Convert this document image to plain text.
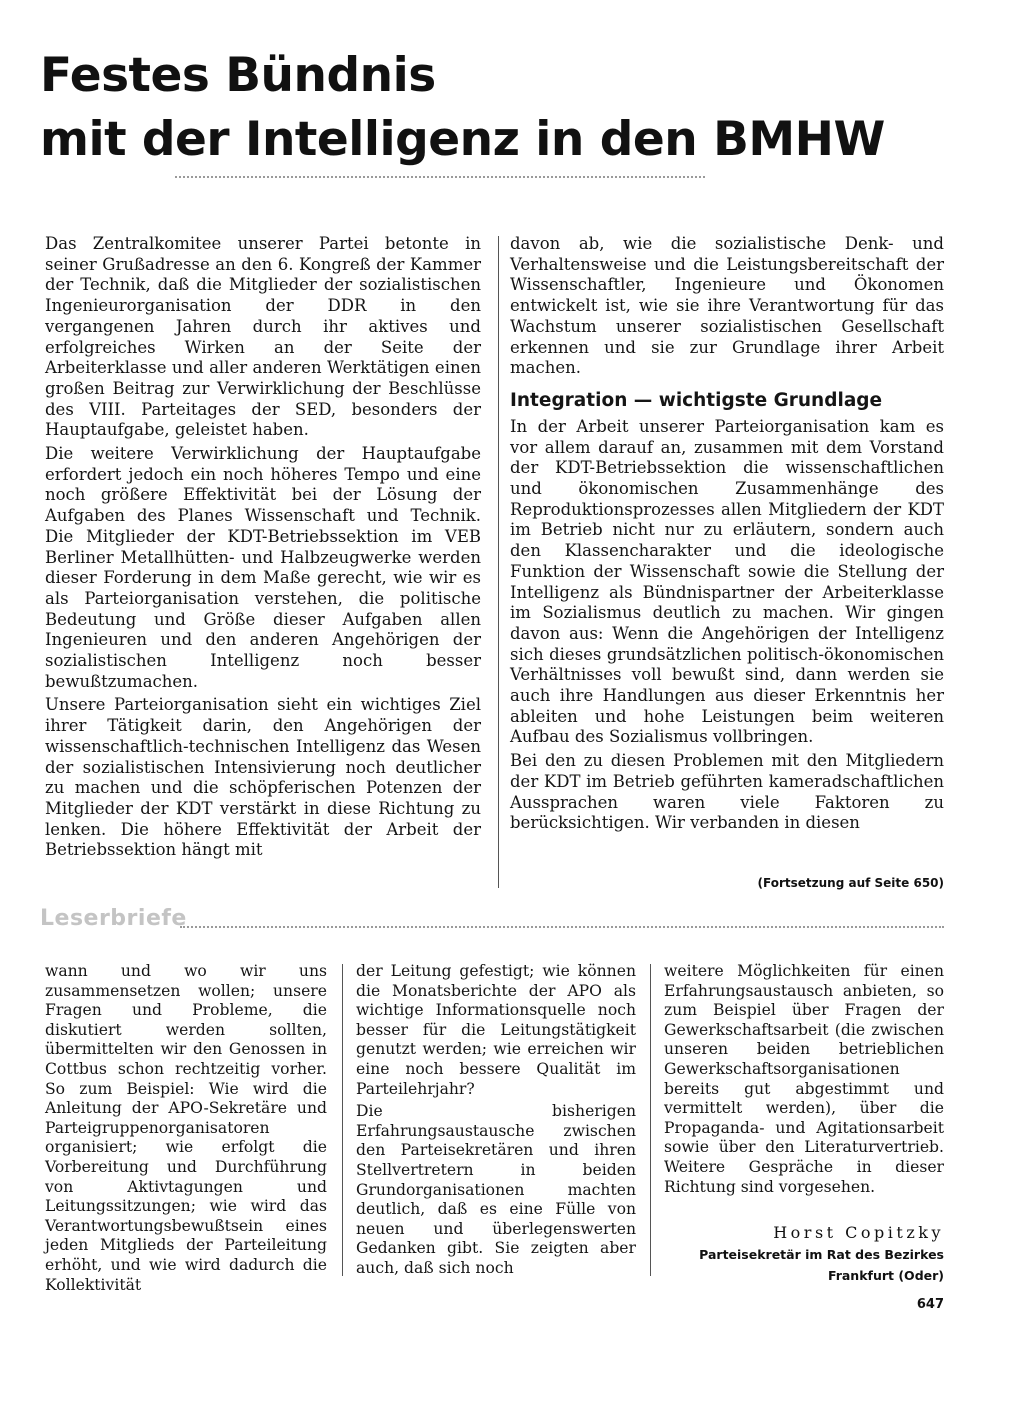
Festes Bündnis
mit der Intelligenz in den BMHW

Das Zentralkomitee unserer Partei betonte in seiner Grußadresse an den 6. Kongreß der Kammer der Technik, daß die Mitglieder der sozialistischen Ingenieurorganisation der DDR in den vergangenen Jahren durch ihr aktives und erfolgreiches Wirken an der Seite der Arbeiterklasse und aller anderen Werktätigen einen großen Beitrag zur Verwirklichung der Beschlüsse des VIII. Parteitages der SED, besonders der Hauptaufgabe, geleistet haben.

Die weitere Verwirklichung der Hauptaufgabe erfordert jedoch ein noch höheres Tempo und eine noch größere Effektivität bei der Lösung der Aufgaben des Planes Wissenschaft und Technik. Die Mitglieder der KDT-Betriebssektion im VEB Berliner Metallhütten- und Halbzeugwerke werden dieser Forderung in dem Maße gerecht, wie wir es als Parteiorganisation verstehen, die politische Bedeutung und Größe dieser Aufgaben allen Ingenieuren und den anderen Angehörigen der sozialistischen Intelligenz noch besser bewußtzumachen.

Unsere Parteiorganisation sieht ein wichtiges Ziel ihrer Tätigkeit darin, den Angehörigen der wissenschaftlich-technischen Intelligenz das Wesen der sozialistischen Intensivierung noch deutlicher zu machen und die schöpferischen Potenzen der Mitglieder der KDT verstärkt in diese Richtung zu lenken. Die höhere Effektivität der Arbeit der Betriebssektion hängt mit

davon ab, wie die sozialistische Denk- und Verhaltensweise und die Leistungsbereitschaft der Wissenschaftler, Ingenieure und Ökonomen entwickelt ist, wie sie ihre Verantwortung für das Wachstum unserer sozialistischen Gesellschaft erkennen und sie zur Grundlage ihrer Arbeit machen.

Integration — wichtigste Grundlage

In der Arbeit unserer Parteiorganisation kam es vor allem darauf an, zusammen mit dem Vorstand der KDT-Betriebssektion die wissenschaftlichen und ökonomischen Zusammenhänge des Reproduktionsprozesses allen Mitgliedern der KDT im Betrieb nicht nur zu erläutern, sondern auch den Klassencharakter und die ideologische Funktion der Wissenschaft sowie die Stellung der Intelligenz als Bündnispartner der Arbeiterklasse im Sozialismus deutlich zu machen. Wir gingen davon aus: Wenn die Angehörigen der Intelligenz sich dieses grundsätzlichen politisch-ökonomischen Verhältnisses voll bewußt sind, dann werden sie auch ihre Handlungen aus dieser Erkenntnis her ableiten und hohe Leistungen beim weiteren Aufbau des Sozialismus vollbringen.

Bei den zu diesen Problemen mit den Mitgliedern der KDT im Betrieb geführten kameradschaftlichen Aussprachen waren viele Faktoren zu berücksichtigen. Wir verbanden in diesen

(Fortsetzung auf Seite 650)
Leserbriefe

wann und wo wir uns zusammensetzen wollen; unsere Fragen und Probleme, die diskutiert werden sollten, übermittelten wir den Genossen in Cottbus schon rechtzeitig vorher. So zum Beispiel: Wie wird die Anleitung der APO-Sekretäre und Parteigruppenorganisatoren organisiert; wie erfolgt die Vorbereitung und Durchführung von Aktivtagungen und Leitungssitzungen; wie wird das Verantwortungsbewußtsein eines jeden Mitglieds der Parteileitung erhöht, und wie wird dadurch die Kollektivität

der Leitung gefestigt; wie können die Monatsberichte der APO als wichtige Informationsquelle noch besser für die Leitungstätigkeit genutzt werden; wie erreichen wir eine noch bessere Qualität im Parteilehrjahr?

Die bisherigen Erfahrungsaustausche zwischen den Parteisekretären und ihren Stellvertretern in beiden Grundorganisationen machten deutlich, daß es eine Fülle von neuen und überlegenswerten Gedanken gibt. Sie zeigten aber auch, daß sich noch

weitere Möglichkeiten für einen Erfahrungsaustausch anbieten, so zum Beispiel über Fragen der Gewerkschaftsarbeit (die zwischen unseren beiden betrieblichen Gewerkschaftsorganisationen bereits gut abgestimmt und vermittelt werden), über die Propaganda- und Agitationsarbeit sowie über den Literaturvertrieb. Weitere Gespräche in dieser Richtung sind vorgesehen.

Horst Copitzky
Parteisekretär im Rat des Bezirkes
Frankfurt (Oder)
647
